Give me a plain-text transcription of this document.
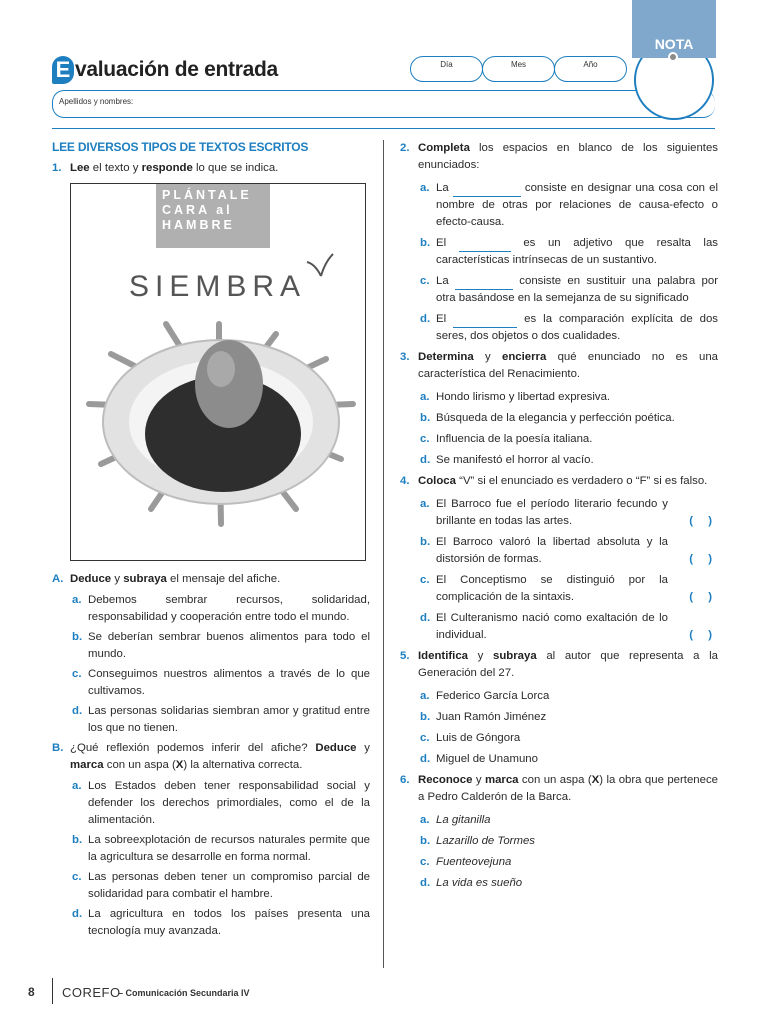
E valuación de entrada	Día	Mes	Año
Apellidos y nombres:
NOTA
LEE DIVERSOS TIPOS DE TEXTOS ESCRITOS
1. Lee el texto y responde lo que se indica.
PLÁNTALE
CARA al
HAMBRE
SIEMBRA
A. Deduce y subraya el mensaje del afiche.
a. Debemos sembrar recursos, solidaridad, responsabilidad y cooperación entre todo el mundo.
b. Se deberían sembrar buenos alimentos para todo el mundo.
c. Conseguimos nuestros alimentos a través de lo que cultivamos.
d. Las personas solidarias siembran amor y gratitud entre los que no tienen.
B. ¿Qué reflexión podemos inferir del afiche? Deduce y marca con un aspa (X) la alternativa correcta.
a. Los Estados deben tener responsabilidad social y defender los derechos primordiales, como el de la alimentación.
b. La sobreexplotación de recursos naturales permite que la agricultura se desarrolle en forma normal.
c. Las personas deben tener un compromiso parcial de solidaridad para combatir el hambre.
d. La agricultura en todos los países presenta una tecnología muy avanzada.
2. Completa los espacios en blanco de los siguientes enunciados:
a. La	consiste en designar una cosa con el nombre de otras por relaciones de causa-efecto o efecto-causa.
b. El	es un adjetivo que resalta las características intrínsecas de un sustantivo.
c. La	consiste en sustituir una palabra por otra basándose en la semejanza de su significado
d. El	es la comparación explícita de dos seres, dos objetos o dos cualidades.
3. Determina y encierra qué enunciado no es una característica del Renacimiento.
a. Hondo lirismo y libertad expresiva.
b. Búsqueda de la elegancia y perfección poética.
c. Influencia de la poesía italiana.
d. Se manifestó el horror al vacío.
4. Coloca “V” si el enunciado es verdadero o “F” si es falso.
a. El Barroco fue el período literario fecundo y brillante en todas las artes.	( )
b. El Barroco valoró la libertad absoluta y la distorsión de formas.	( )
c. El Conceptismo se distinguió por la complicación de la sintaxis.	( )
d. El Culteranismo nació como exaltación de lo individual.	( )
5. Identifica y subraya al autor que representa a la Generación del 27.
a. Federico García Lorca
b. Juan Ramón Jiménez
c. Luis de Góngora
d. Miguel de Unamuno
6. Reconoce y marca con un aspa (X) la obra que pertenece a Pedro Calderón de la Barca.
a. La gitanilla
b. Lazarillo de Tormes
c. Fuenteovejuna
d. La vida es sueño
8 COREFO
– Comunicación Secundaria IV
